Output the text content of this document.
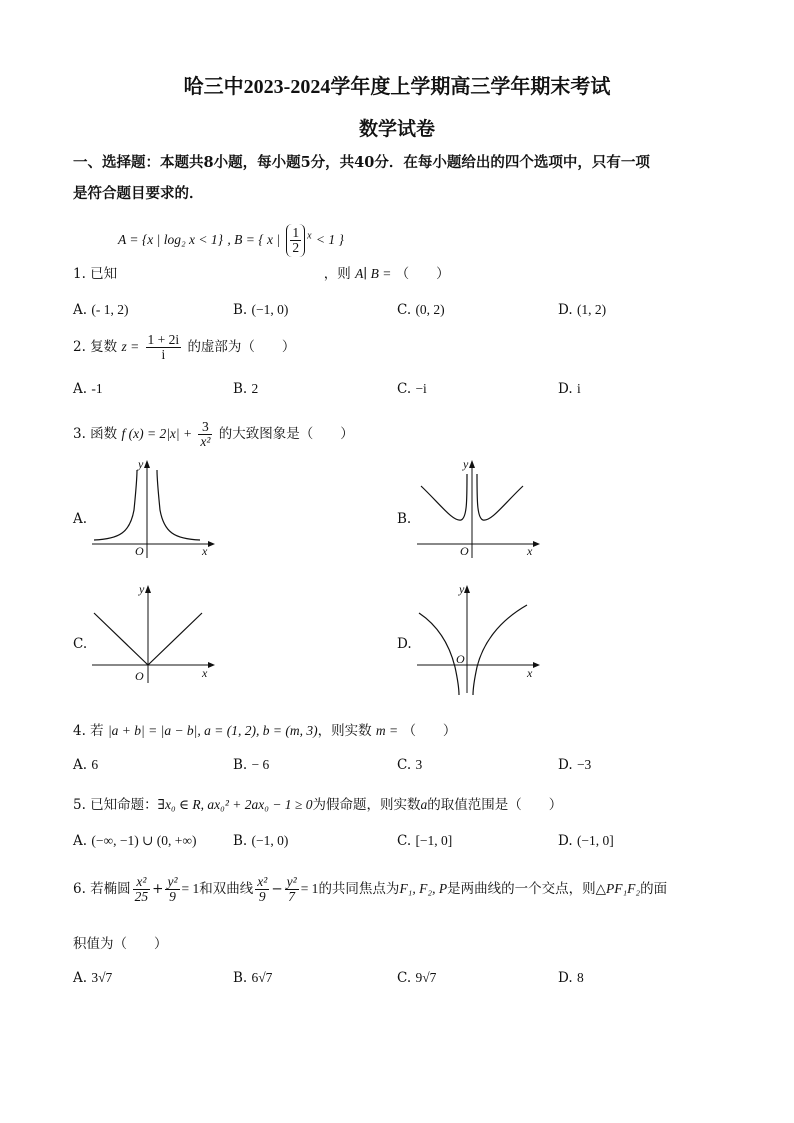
哈三中2023-2024学年度上学期高三学年期末考试
数学试卷
一、选择题：本题共8小题，每小题5分，共40分．在每小题给出的四个选项中，只有一项
是符合题目要求的．
A = {x | log₂ x < 1} , B = { x | $\frac{1}{2} ^x < 1$ }
1. 已知	，则 A∣ B = （　　）
A. (- 1, 2)	B. (−1, 0)	C. (0, 2)	D. (1, 2)
2. 复数 $z = \frac{1 + 2i}{i}$ 的虚部为（　　）
A. -1	B. 2	C. −i	D. i
3. 函数 f $(x) = 2|x| + \frac{3}{\text{x²}}$ 的大致图象是（　　）
A.	B.
C.	D.
O	x
y
O	x
y
O	x
y
O
x
y
4. 若 |a + b| = |a − b|, a = (1, 2), b = (m, 3)，则实数 m = （　　）
A. 6	B. − 6	C. 3	D. −3
5. 已知命题：∃x₀ ∈ R, ax₀² + 2ax₀ − 1 ≥ 0为假命题，则实数a的取值范围是（　　）
A. (−∞, −1) ∪ (0, +∞)	B. (−1, 0)	C. [−1, 0]	D. (−1, 0]
6. 若椭圆 $\frac{\text{x²}}{25} + \frac{\text{y²}}{9} = 1$和双曲线 $\frac{\text{x²}}{9} - \frac{\text{y²}}{7} = 1$的共同焦点为F₁, F₂, P是两曲线的一个交点，则△PF₁F₂的面
积值为（　　）
A. 3√7	B. 6√7	C. 9√7	D. 8
